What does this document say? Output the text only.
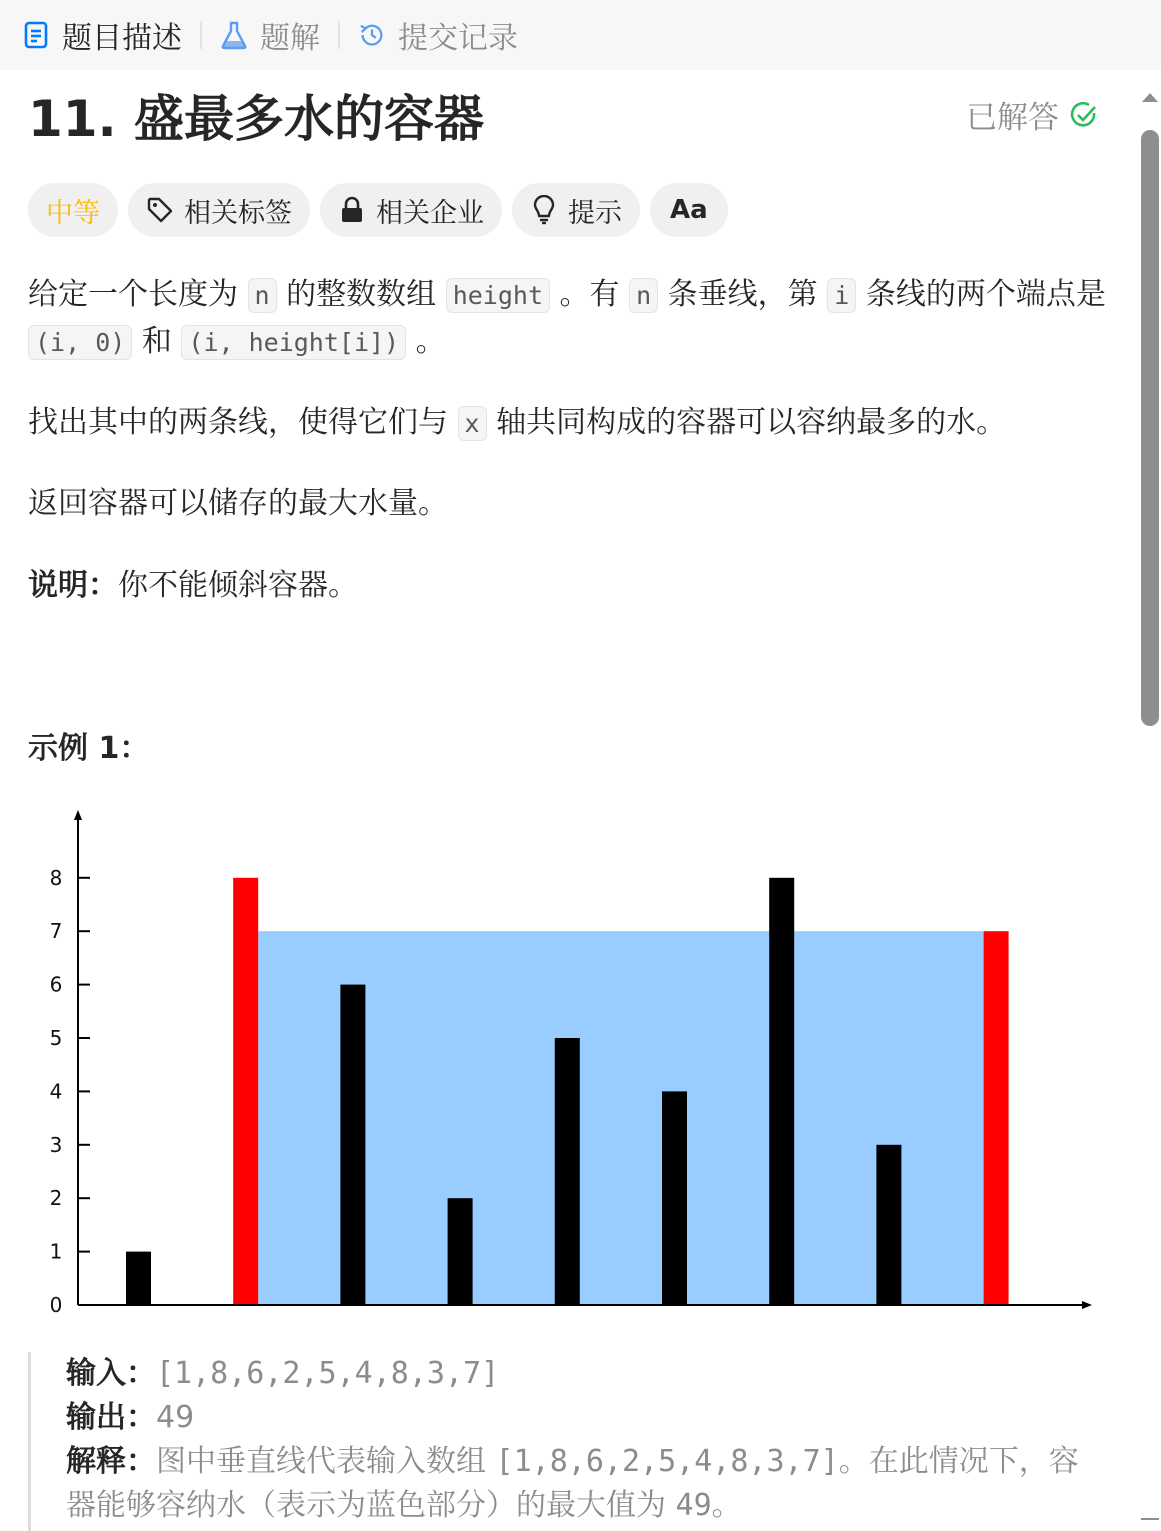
题目描述	题解	提交记录
11. 盛最多水的容器	已解答
中等	相关标签	相关企业	提示 Aa
给定一个长度为 n 的整数数组 height 。有 n 条垂线，第 i 条线的两个端点是 (i, 0) 和 (i, height[i]) 。
找出其中的两条线，使得它们与 x 轴共同构成的容器可以容纳最多的水。
返回容器可以储存的最大水量。
说明：你不能倾斜容器。
示例 1：
0
1
2
3
4
5
6
7
8
输入：[1,8,6,2,5,4,8,3,7]
输出：49
解释：图中垂直线代表输入数组 [1,8,6,2,5,4,8,3,7]。在此情况下，容器能够容纳水（表示为蓝色部分）的最大值为 49。
